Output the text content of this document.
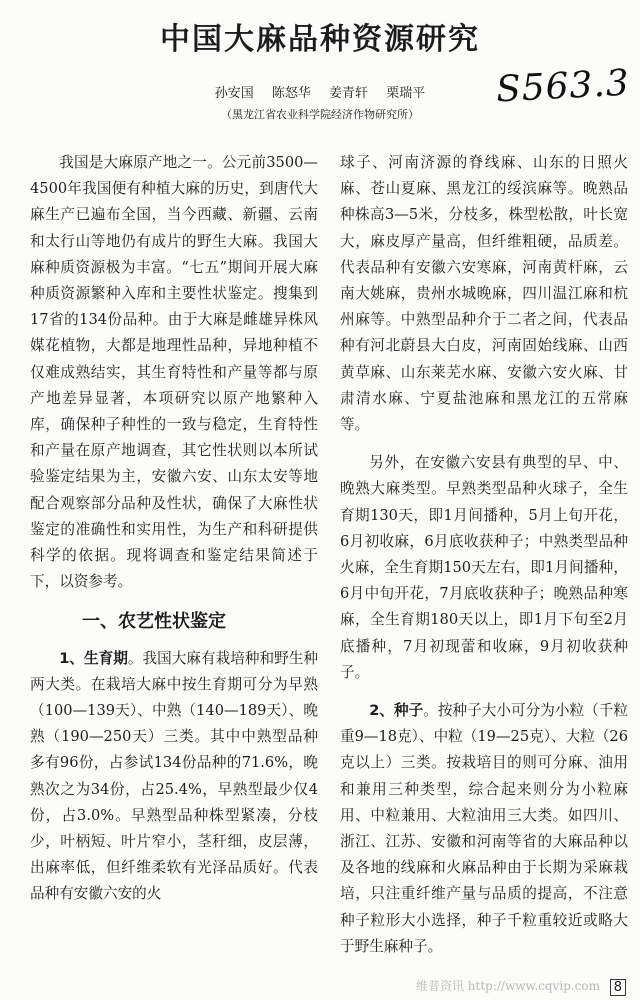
中国大麻品种资源研究
S563.3
孙安国 陈怒华 姜青轩 栗瑞平
（黑龙江省农业科学院经济作物研究所）

我国是大麻原产地之一。公元前3500—4500年我国便有种植大麻的历史，到唐代大麻生产已遍布全国，当今西藏、新疆、云南和太行山等地仍有成片的野生大麻。我国大麻种质资源极为丰富。“七五”期间开展大麻种质资源繁种入库和主要性状鉴定。搜集到17省的134份品种。由于大麻是雌雄异株风媒花植物，大都是地理性品种，异地种植不仅难成熟结实，其生育特性和产量等都与原产地差异显著，本项研究以原产地繁种入库，确保种子种性的一致与稳定，生育特性和产量在原产地调查，其它性状则以本所试验鉴定结果为主，安徽六安、山东太安等地配合观察部分品种及性状，确保了大麻性状鉴定的准确性和实用性，为生产和科研提供科学的依据。现将调查和鉴定结果简述于下，以资参考。

一、农艺性状鉴定

1、生育期。我国大麻有栽培种和野生种两大类。在栽培大麻中按生育期可分为早熟（100—139天）、中熟（140—189天）、晚熟（190—250天）三类。其中中熟型品种多有96份，占参试134份品种的71.6%，晚熟次之为34份，占25.4%，早熟型最少仅4份，占3.0%。早熟型品种株型紧凑，分枝少，叶柄短、叶片窄小，茎秆细，皮层薄，出麻率低，但纤维柔软有光泽品质好。代表品种有安徽六安的火

球子、河南济源的脊线麻、山东的日照火麻、苍山夏麻、黑龙江的绥滨麻等。晚熟品种株高3—5米，分枝多，株型松散，叶长宽大，麻皮厚产量高，但纤维粗硬，品质差。代表品种有安徽六安寒麻，河南黄杆麻，云南大姚麻，贵州水城晚麻，四川温江麻和杭州麻等。中熟型品种介于二者之间，代表品种有河北蔚县大白皮，河南固始线麻、山西黄草麻、山东莱芜水麻、安徽六安火麻、甘肃清水麻、宁夏盐池麻和黑龙江的五常麻等。

另外，在安徽六安县有典型的早、中、晚熟大麻类型。早熟类型品种火球子，全生育期130天，即1月间播种，5月上旬开花，6月初收麻，6月底收获种子；中熟类型品种火麻，全生育期150天左右，即1月间播种，6月中旬开花，7月底收获种子；晚熟品种寒麻，全生育期180天以上，即1月下旬至2月底播种，7月初现蕾和收麻，9月初收获种子。

2、种子。按种子大小可分为小粒（千粒重9—18克）、中粒（19—25克）、大粒（26克以上）三类。按栽培目的则可分麻、油用和兼用三种类型，综合起来则分为小粒麻用、中粒兼用、大粒油用三大类。如四川、浙江、江苏、安徽和河南等省的大麻品种以及各地的线麻和火麻品种由于长期为采麻栽培，只注重纤维产量与品质的提高，不注意种子粒形大小选择，种子千粒重较近或略大于野生麻种子。

维普资讯 http://www.cqvip.com	8
